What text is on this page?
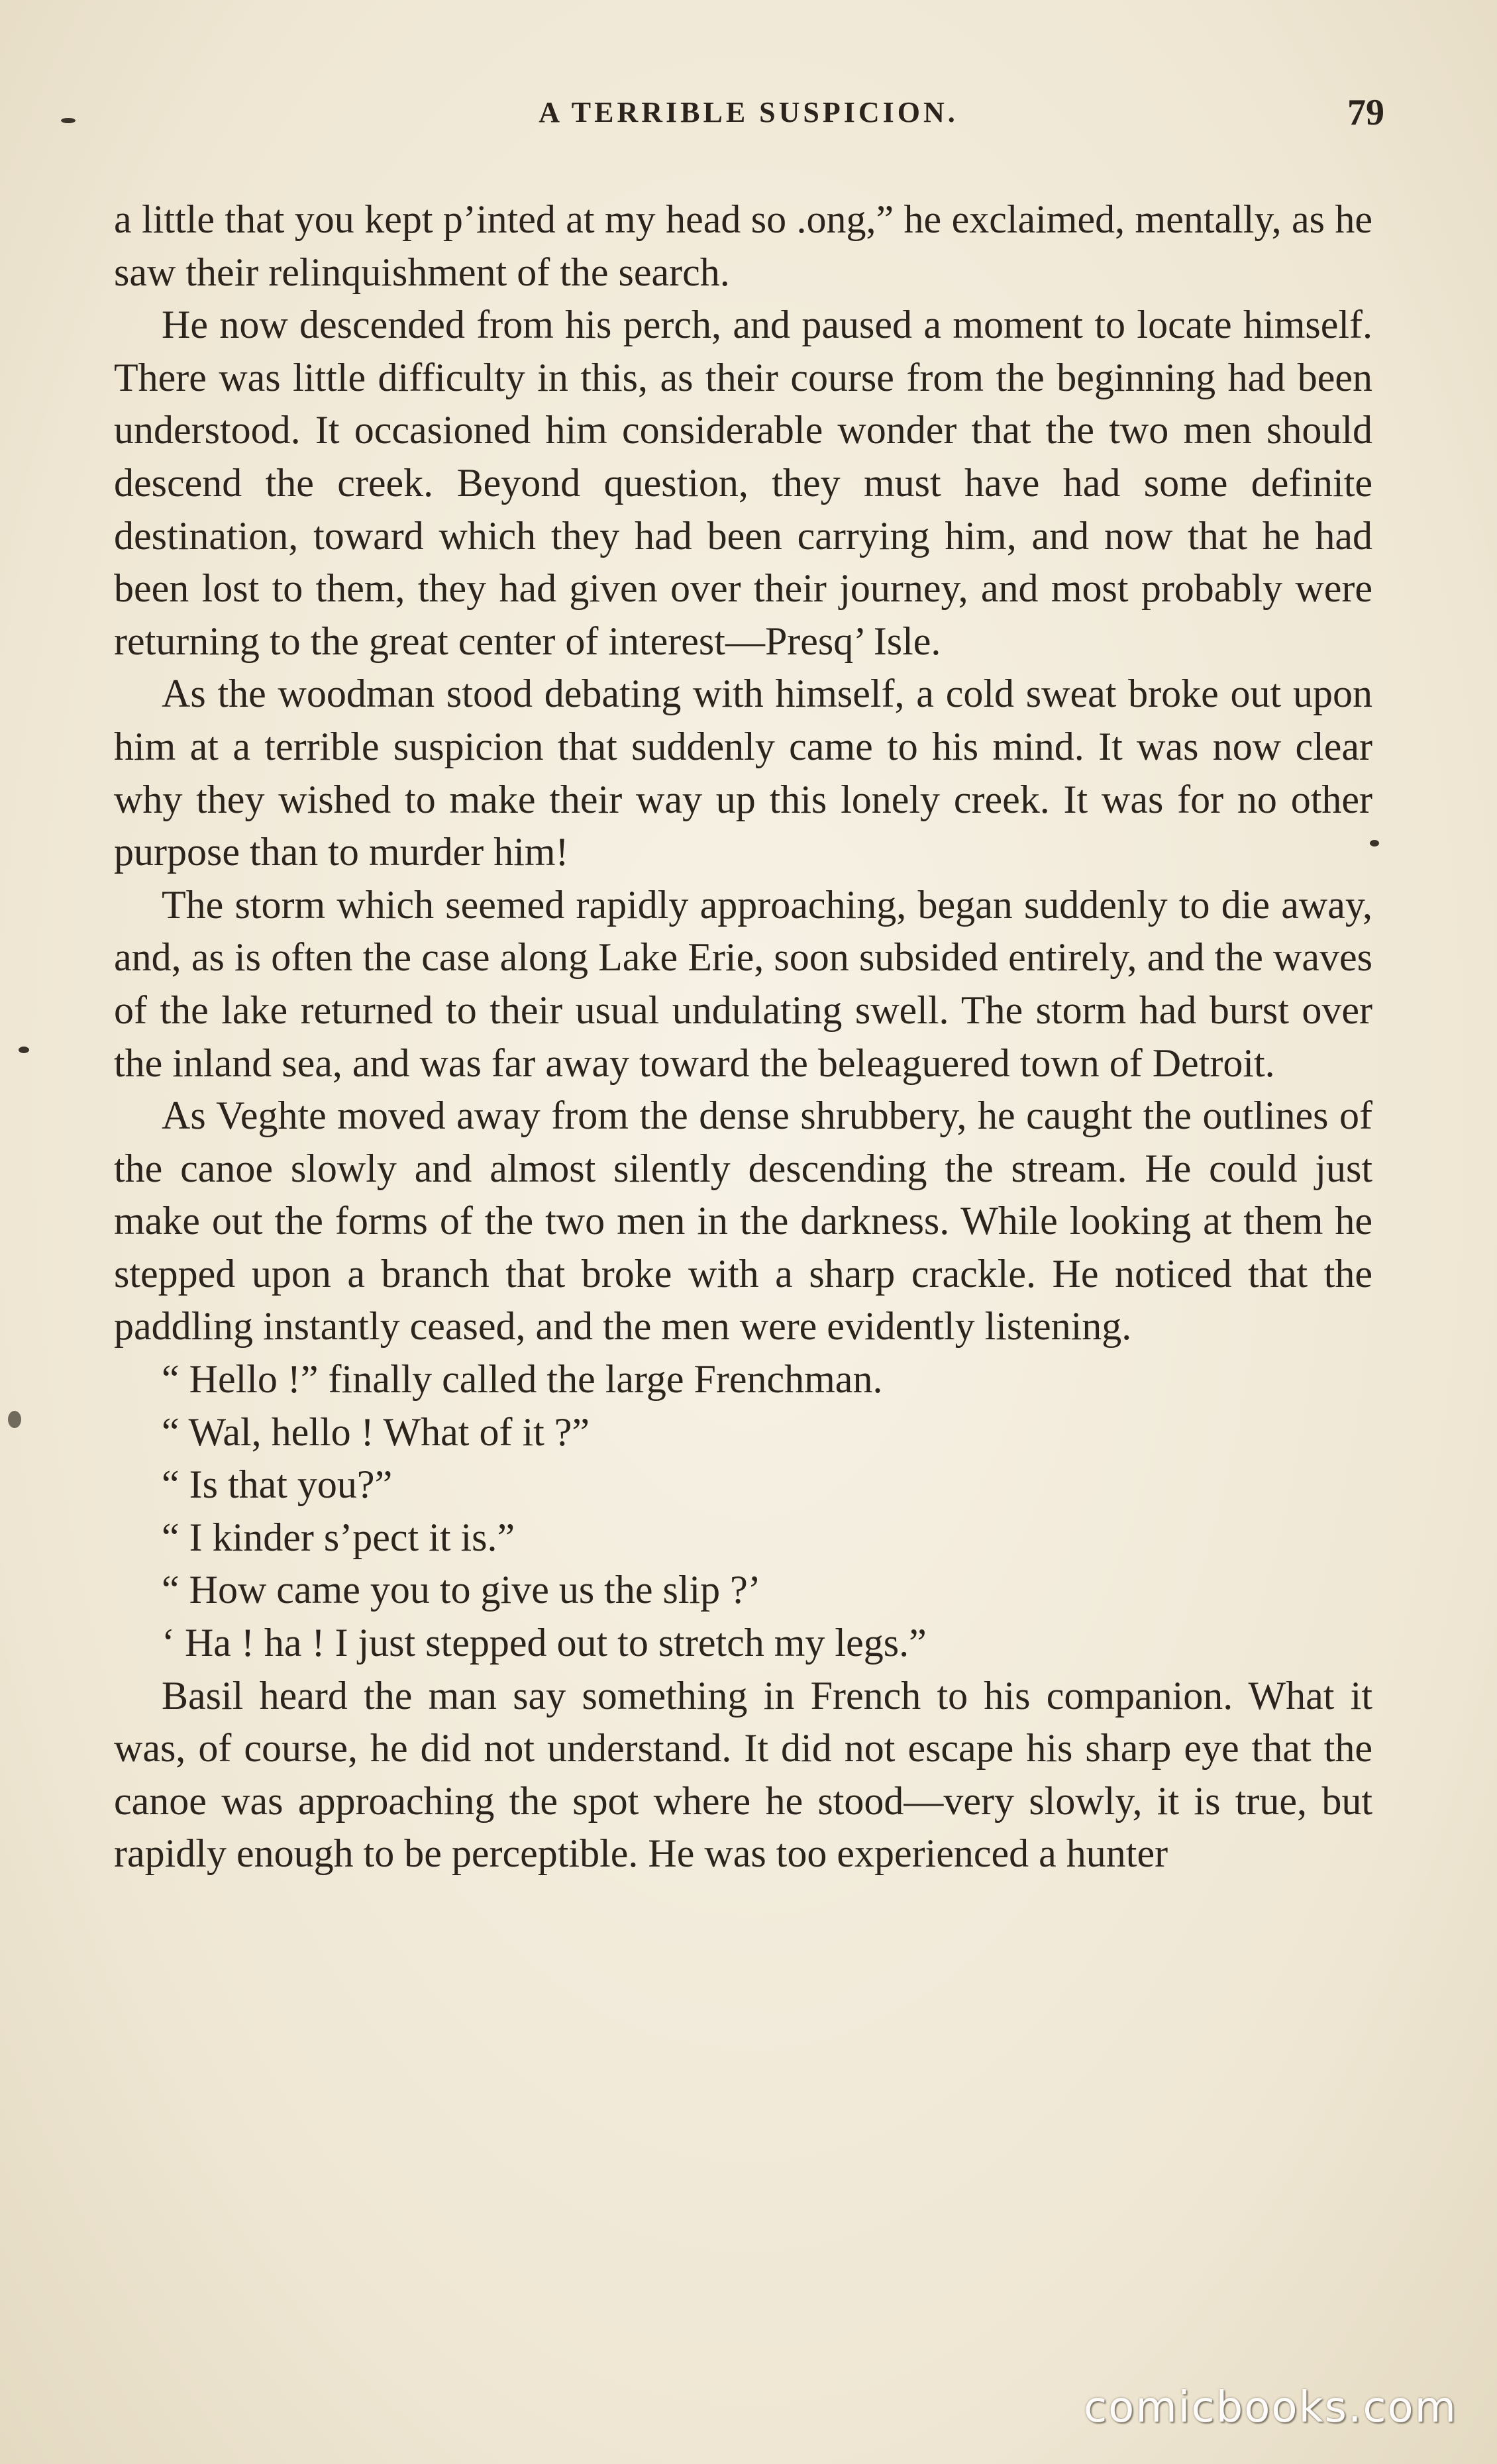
A TERRIBLE SUSPICION.	79

a little that you kept p’inted at my head so .ong,” he exclaimed, mentally, as he saw their relinquishment of the search.

He now descended from his perch, and paused a moment to locate himself. There was little difficulty in this, as their course from the beginning had been understood. It occasioned him considerable wonder that the two men should descend the creek. Beyond question, they must have had some definite destination, toward which they had been carrying him, and now that he had been lost to them, they had given over their journey, and most probably were returning to the great center of interest—Presq’ Isle.

As the woodman stood debating with himself, a cold sweat broke out upon him at a terrible suspicion that suddenly came to his mind. It was now clear why they wished to make their way up this lonely creek. It was for no other purpose than to murder him!

The storm which seemed rapidly approaching, began suddenly to die away, and, as is often the case along Lake Erie, soon subsided entirely, and the waves of the lake returned to their usual undulating swell. The storm had burst over the inland sea, and was far away toward the beleaguered town of Detroit.

As Veghte moved away from the dense shrubbery, he caught the outlines of the canoe slowly and almost silently descending the stream. He could just make out the forms of the two men in the darkness. While looking at them he stepped upon a branch that broke with a sharp crackle. He noticed that the paddling instantly ceased, and the men were evidently listening.

“ Hello !” finally called the large Frenchman.

“ Wal, hello ! What of it ?”

“ Is that you?”

“ I kinder s’pect it is.”

“ How came you to give us the slip ?’

‘ Ha ! ha ! I just stepped out to stretch my legs.”

Basil heard the man say something in French to his companion. What it was, of course, he did not understand. It did not escape his sharp eye that the canoe was approaching the spot where he stood—very slowly, it is true, but rapidly enough to be perceptible. He was too experienced a hunter

comicbooks.com
